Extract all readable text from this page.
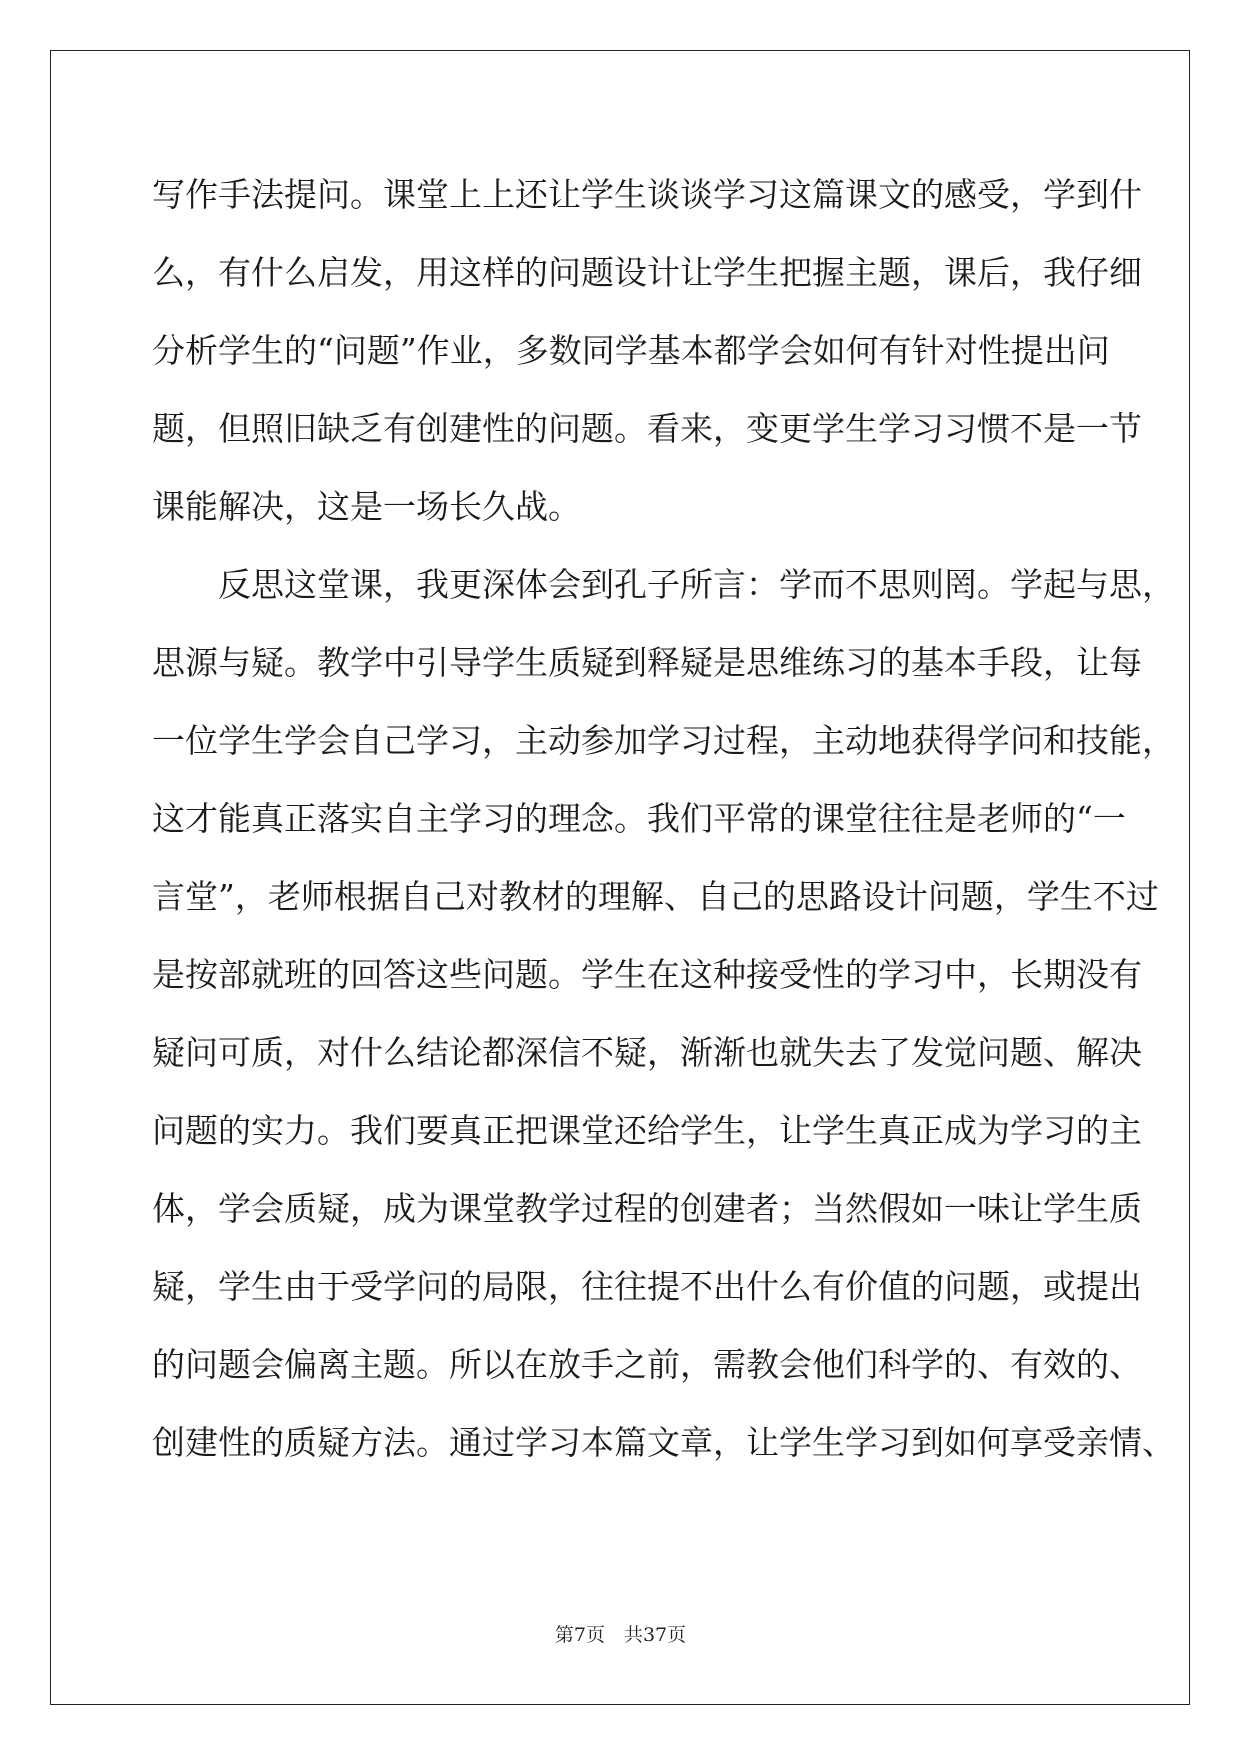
写作手法提问。课堂上上还让学生谈谈学习这篇课文的感受，学到什
么，有什么启发，用这样的问题设计让学生把握主题，课后，我仔细
分析学生的“问题”作业，多数同学基本都学会如何有针对性提出问
题，但照旧缺乏有创建性的问题。看来，变更学生学习习惯不是一节
课能解决，这是一场长久战。
　　反思这堂课，我更深体会到孔子所言：学而不思则罔。学起与思，
思源与疑。教学中引导学生质疑到释疑是思维练习的基本手段，让每
一位学生学会自己学习，主动参加学习过程，主动地获得学问和技能，
这才能真正落实自主学习的理念。我们平常的课堂往往是老师的“一
言堂”，老师根据自己对教材的理解、自己的思路设计问题，学生不过
是按部就班的回答这些问题。学生在这种接受性的学习中，长期没有
疑问可质，对什么结论都深信不疑，渐渐也就失去了发觉问题、解决
问题的实力。我们要真正把课堂还给学生，让学生真正成为学习的主
体，学会质疑，成为课堂教学过程的创建者；当然假如一味让学生质
疑，学生由于受学问的局限，往往提不出什么有价值的问题，或提出
的问题会偏离主题。所以在放手之前，需教会他们科学的、有效的、
创建性的质疑方法。通过学习本篇文章，让学生学习到如何享受亲情、
第7页　共37页
